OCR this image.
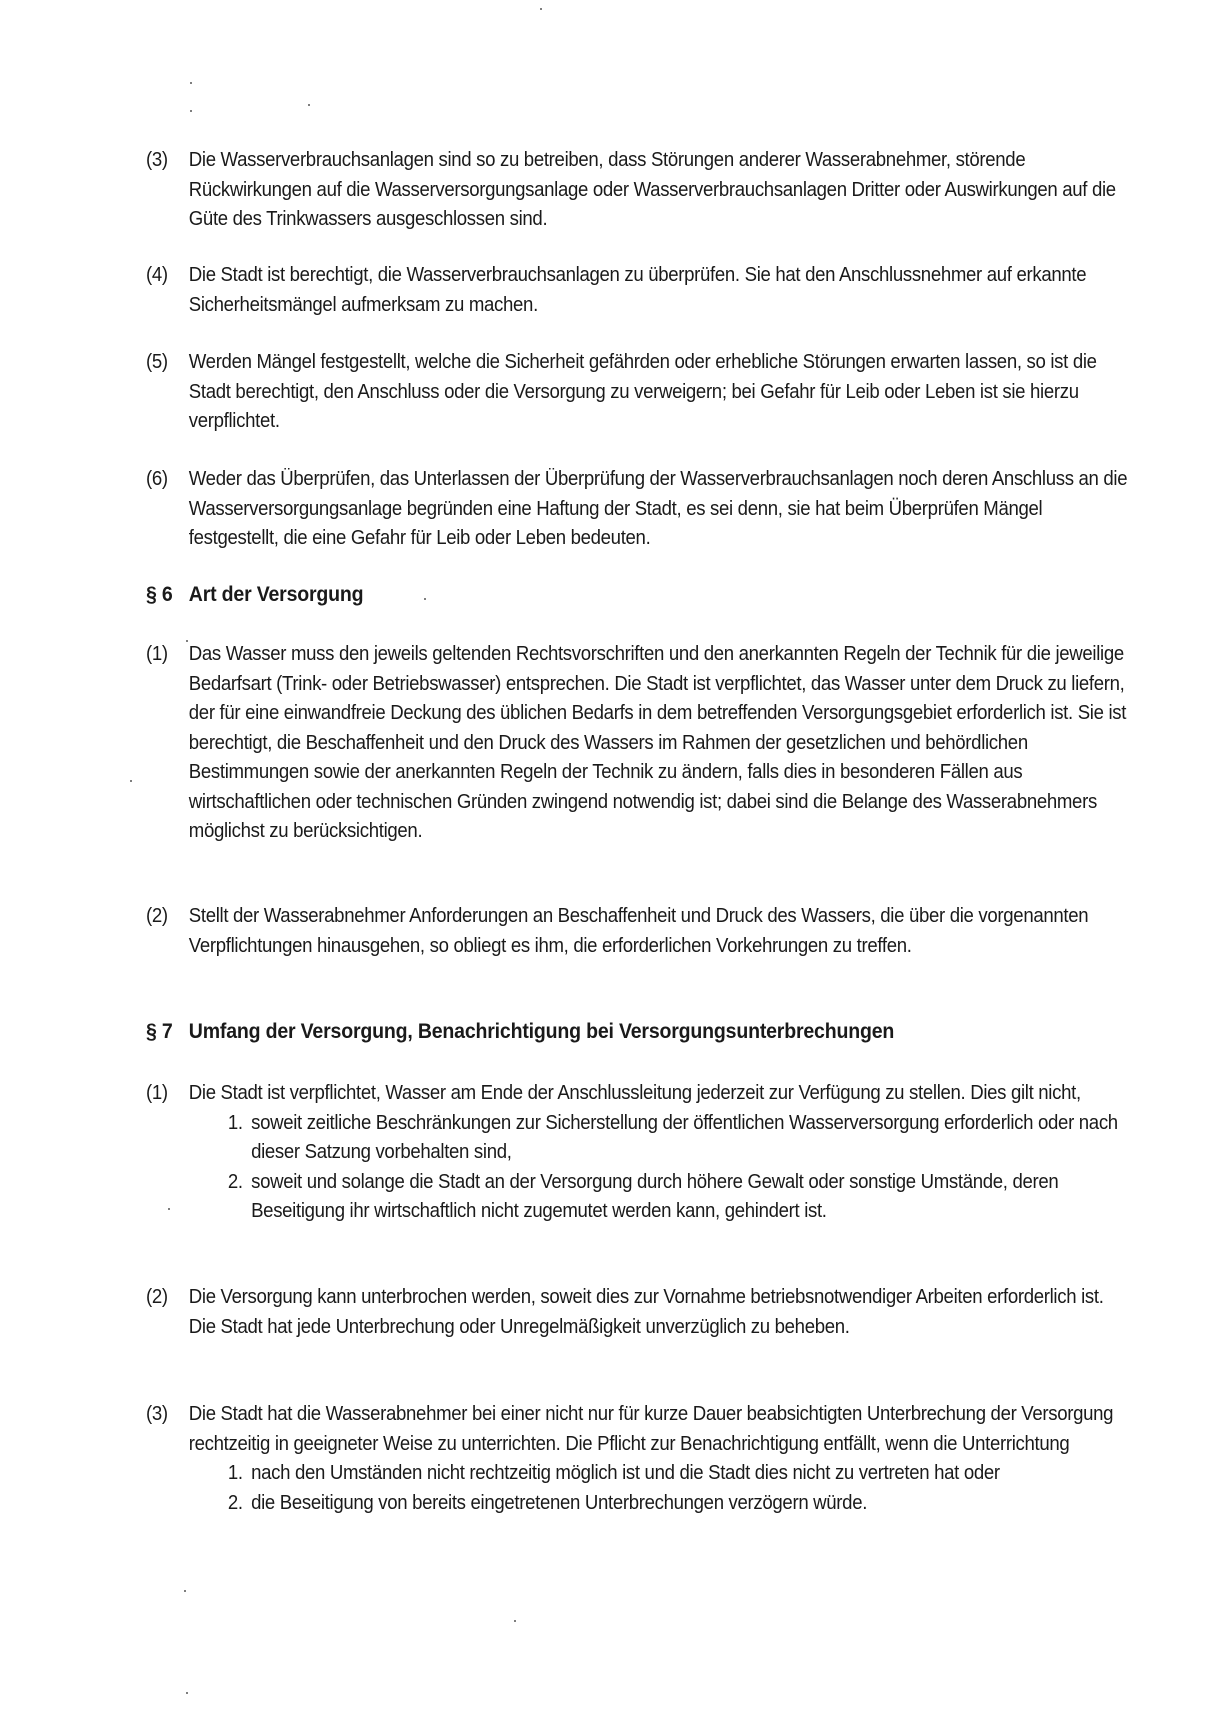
(3) Die Wasserverbrauchsanlagen sind so zu betreiben, dass Störungen anderer Wasserabnehmer, störende Rückwirkungen auf die Wasserversorgungsanlage oder Wasserverbrauchsanlagen Dritter oder Auswirkungen auf die Güte des Trinkwassers ausgeschlossen sind.
(4) Die Stadt ist berechtigt, die Wasserverbrauchsanlagen zu überprüfen. Sie hat den Anschlussnehmer auf erkannte Sicherheitsmängel aufmerksam zu machen.
(5) Werden Mängel festgestellt, welche die Sicherheit gefährden oder erhebliche Störungen erwarten lassen, so ist die Stadt berechtigt, den Anschluss oder die Versorgung zu verweigern; bei Gefahr für Leib oder Leben ist sie hierzu verpflichtet.
(6) Weder das Überprüfen, das Unterlassen der Überprüfung der Wasserverbrauchsanlagen noch deren Anschluss an die Wasserversorgungsanlage begründen eine Haftung der Stadt, es sei denn, sie hat beim Überprüfen Mängel festgestellt, die eine Gefahr für Leib oder Leben bedeuten.
§ 6 Art der Versorgung
(1) Das Wasser muss den jeweils geltenden Rechtsvorschriften und den anerkannten Regeln der Technik für die jeweilige Bedarfsart (Trink- oder Betriebswasser) entsprechen. Die Stadt ist verpflichtet, das Wasser unter dem Druck zu liefern, der für eine einwandfreie Deckung des üblichen Bedarfs in dem betreffenden Versorgungsgebiet erforderlich ist. Sie ist berechtigt, die Beschaffenheit und den Druck des Wassers im Rahmen der gesetzlichen und behördlichen Bestimmungen sowie der anerkannten Regeln der Technik zu ändern, falls dies in besonderen Fällen aus wirtschaftlichen oder technischen Gründen zwingend notwendig ist; dabei sind die Belange des Wasserabnehmers möglichst zu berücksichtigen.
(2) Stellt der Wasserabnehmer Anforderungen an Beschaffenheit und Druck des Wassers, die über die vorgenannten Verpflichtungen hinausgehen, so obliegt es ihm, die erforderlichen Vorkehrungen zu treffen.
§ 7 Umfang der Versorgung, Benachrichtigung bei Versorgungsunterbrechungen
(1) Die Stadt ist verpflichtet, Wasser am Ende der Anschlussleitung jederzeit zur Verfügung zu stellen. Dies gilt nicht,
1. soweit zeitliche Beschränkungen zur Sicherstellung der öffentlichen Wasserversorgung erforderlich oder nach dieser Satzung vorbehalten sind,
2. soweit und solange die Stadt an der Versorgung durch höhere Gewalt oder sonstige Umstände, deren Beseitigung ihr wirtschaftlich nicht zugemutet werden kann, gehindert ist.
(2) Die Versorgung kann unterbrochen werden, soweit dies zur Vornahme betriebsnotwendiger Arbeiten erforderlich ist. Die Stadt hat jede Unterbrechung oder Unregelmäßigkeit unverzüglich zu beheben.
(3) Die Stadt hat die Wasserabnehmer bei einer nicht nur für kurze Dauer beabsichtigten Unterbrechung der Versorgung rechtzeitig in geeigneter Weise zu unterrichten. Die Pflicht zur Benachrichtigung entfällt, wenn die Unterrichtung
1. nach den Umständen nicht rechtzeitig möglich ist und die Stadt dies nicht zu vertreten hat oder
2. die Beseitigung von bereits eingetretenen Unterbrechungen verzögern würde.
